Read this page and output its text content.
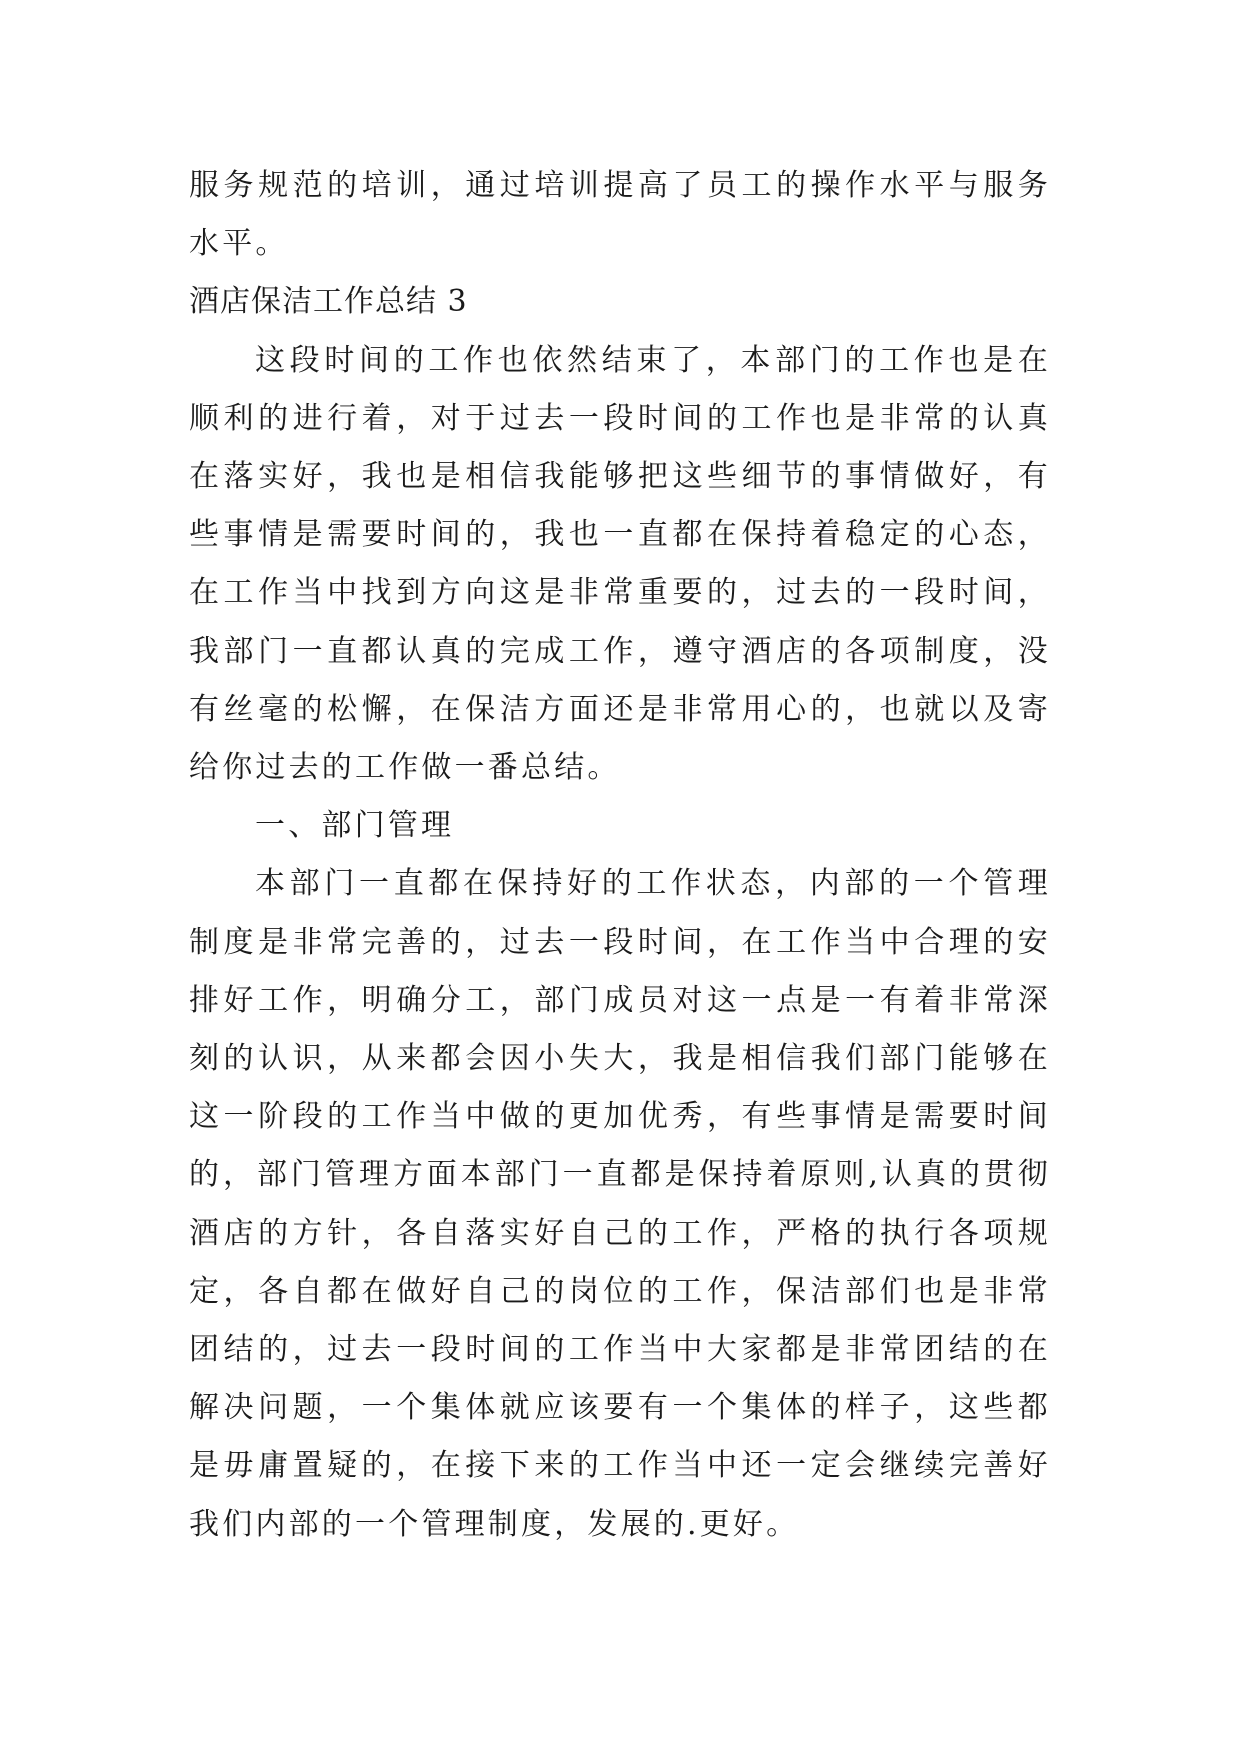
服务规范的培训，通过培训提高了员工的操作水平与服务水平。

酒店保洁工作总结 3

这段时间的工作也依然结束了，本部门的工作也是在顺利的进行着，对于过去一段时间的工作也是非常的认真在落实好，我也是相信我能够把这些细节的事情做好，有些事情是需要时间的，我也一直都在保持着稳定的心态，在工作当中找到方向这是非常重要的，过去的一段时间，我部门一直都认真的完成工作，遵守酒店的各项制度，没有丝毫的松懈，在保洁方面还是非常用心的，也就以及寄给你过去的工作做一番总结。

一、部门管理

本部门一直都在保持好的工作状态，内部的一个管理制度是非常完善的，过去一段时间，在工作当中合理的安排好工作，明确分工，部门成员对这一点是一有着非常深刻的认识，从来都会因小失大，我是相信我们部门能够在这一阶段的工作当中做的更加优秀，有些事情是需要时间的，部门管理方面本部门一直都是保持着原则,认真的贯彻酒店的方针，各自落实好自己的工作，严格的执行各项规定，各自都在做好自己的岗位的工作，保洁部们也是非常团结的，过去一段时间的工作当中大家都是非常团结的在解决问题，一个集体就应该要有一个集体的样子，这些都是毋庸置疑的，在接下来的工作当中还一定会继续完善好我们内部的一个管理制度，发展的.更好。
